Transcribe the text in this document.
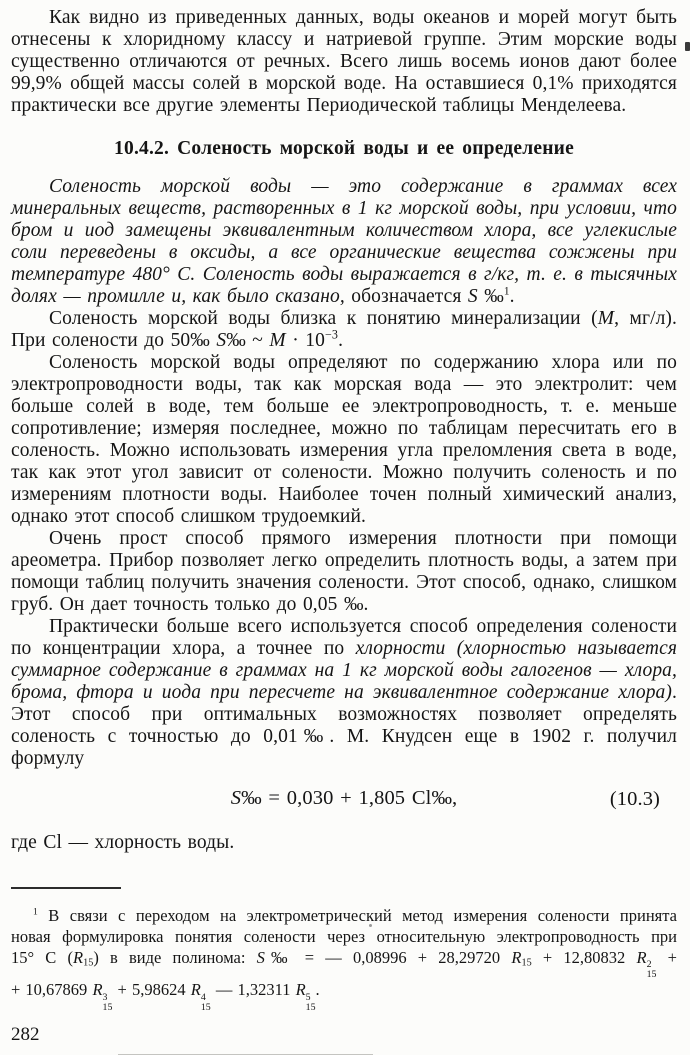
Как видно из приведенных данных, воды океанов и морей могут быть отнесены к хлоридному классу и натриевой группе. Этим морские воды существенно отличаются от речных. Всего лишь восемь ионов дают более 99,9% общей массы солей в морской воде. На оставшиеся 0,1% приходятся практически все другие элементы Периодической таблицы Менделеева.

10.4.2. Соленость морской воды и ее определение

Соленость морской воды — это содержание в граммах всех минеральных веществ, растворенных в 1 кг морской воды, при условии, что бром и иод замещены эквивалентным количеством хлора, все углекислые соли переведены в оксиды, а все органические вещества сожжены при температуре 480° С. Соленость воды выражается в г/кг, т. е. в тысячных долях — промилле и, как было сказано, обозначается S ‰$^1$.

Соленость морской воды близка к понятию минерализации (М, мг/л). При солености до 50‰ S‰ ~ $M \cdot 10^{-3}$.

Соленость морской воды определяют по содержанию хлора или по электропроводности воды, так как морская вода — это электролит: чем больше солей в воде, тем больше ее электропроводность, т. е. меньше сопротивление; измеряя последнее, можно по таблицам пересчитать его в соленость. Можно использовать измерения угла преломления света в воде, так как этот угол зависит от солености. Можно получить соленость и по измерениям плотности воды. Наиболее точен полный химический анализ, однако этот способ слишком трудоемкий.

Очень прост способ прямого измерения плотности при помощи ареометра. Прибор позволяет легко определить плотность воды, а затем при помощи таблиц получить значения солености. Этот способ, однако, слишком груб. Он дает точность только до 0,05 ‰.

Практически больше всего используется способ определения солености по концентрации хлора, а точнее по хлорности (хлорностью называется суммарное содержание в граммах на 1 кг морской воды галогенов — хлора, брома, фтора и иода при пересчете на эквивалентное содержание хлора). Этот способ при оптимальных возможностях позволяет определять соленость с точностью до 0,01‰. М. Кнудсен еще в 1902 г. получил формулу

S‰ = 0,030 + 1,805 Cl‰,	(10.3)

где Cl — хлорность воды.

$^1$ В связи с переходом на электрометрический метод измерения солености принята
новая формулировка понятия солености через относительную электропроводность при
15° C $(R_{15})$ в виде полинома: S‰ = — 0,08996 + 28,29720 $R_{15} + 12,80832$ R 2
15
+
+ 10,67869 R 3
15
+ 5,98624 R 4
15
— 1,32311 R 5
15
.
282
